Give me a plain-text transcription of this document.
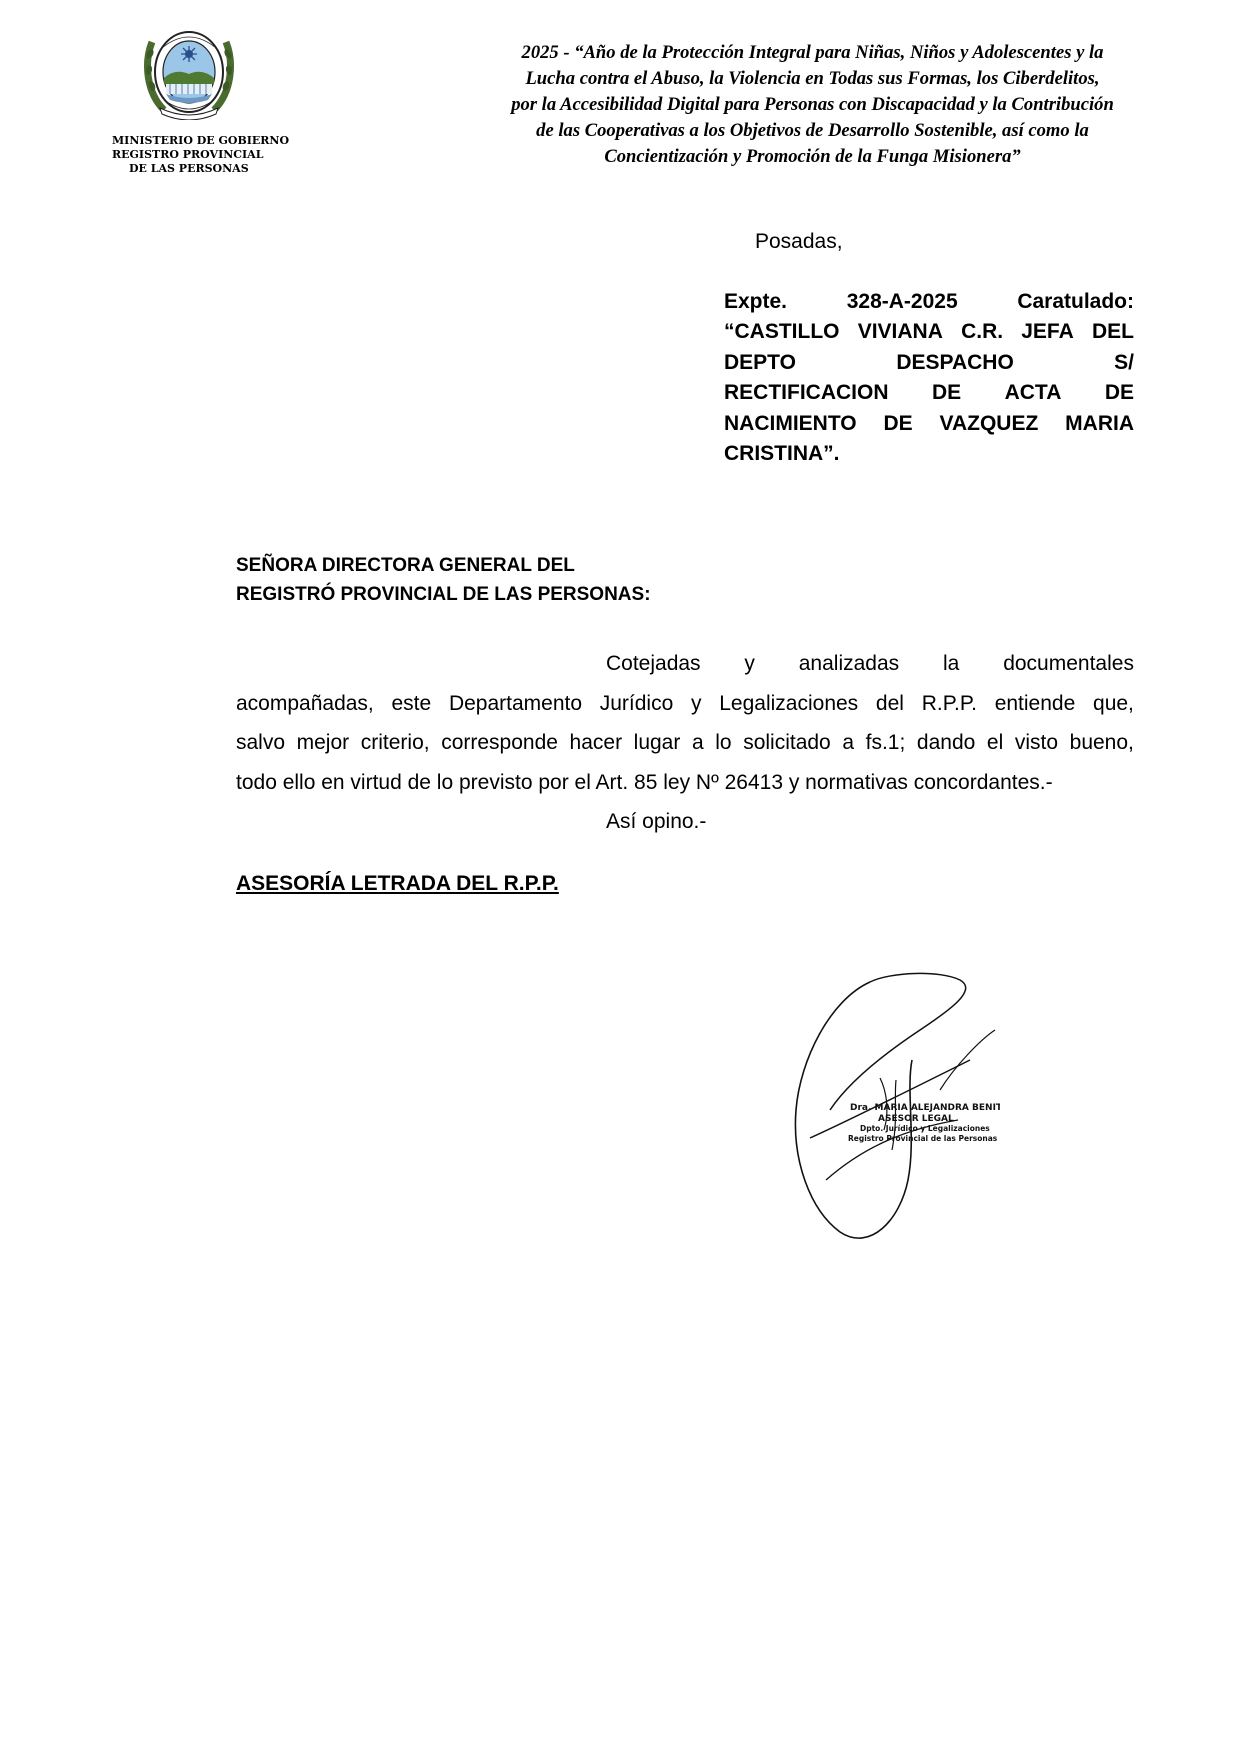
MINISTERIO DE GOBIERNO
REGISTRO PROVINCIAL
DE LAS PERSONAS
2025 - “Año de la Protección Integral para Niñas, Niños y Adolescentes y la
Lucha contra el Abuso, la Violencia en Todas sus Formas, los Ciberdelitos,
por la Accesibilidad Digital para Personas con Discapacidad y la Contribución
de las Cooperativas a los Objetivos de Desarrollo Sostenible, así como la
Concientización y Promoción de la Funga Misionera”
Posadas,
Expte.	328-A-2025	Caratulado:
“CASTILLO VIVIANA C.R. JEFA DEL
DEPTO	DESPACHO	S/
RECTIFICACION DE ACTA DE
NACIMIENTO DE VAZQUEZ MARIA
CRISTINA”.
SEÑORA DIRECTORA GENERAL DEL
REGISTRÓ PROVINCIAL DE LAS PERSONAS:
Cotejadas y analizadas la documentales
acompañadas, este Departamento Jurídico y Legalizaciones del R.P.P. entiende que,
salvo mejor criterio, corresponde hacer lugar a lo solicitado a fs.1; dando el visto bueno,
todo ello en virtud de lo previsto por el Art. 85 ley Nº 26413 y normativas concordantes.-
Así opino.-
ASESORÍA LETRADA DEL R.P.P.
Dra. MARIA ALEJANDRA BENITEZ
ASESOR LEGAL
Dpto. Jurídico y Legalizaciones
Registro Provincial de las Personas
